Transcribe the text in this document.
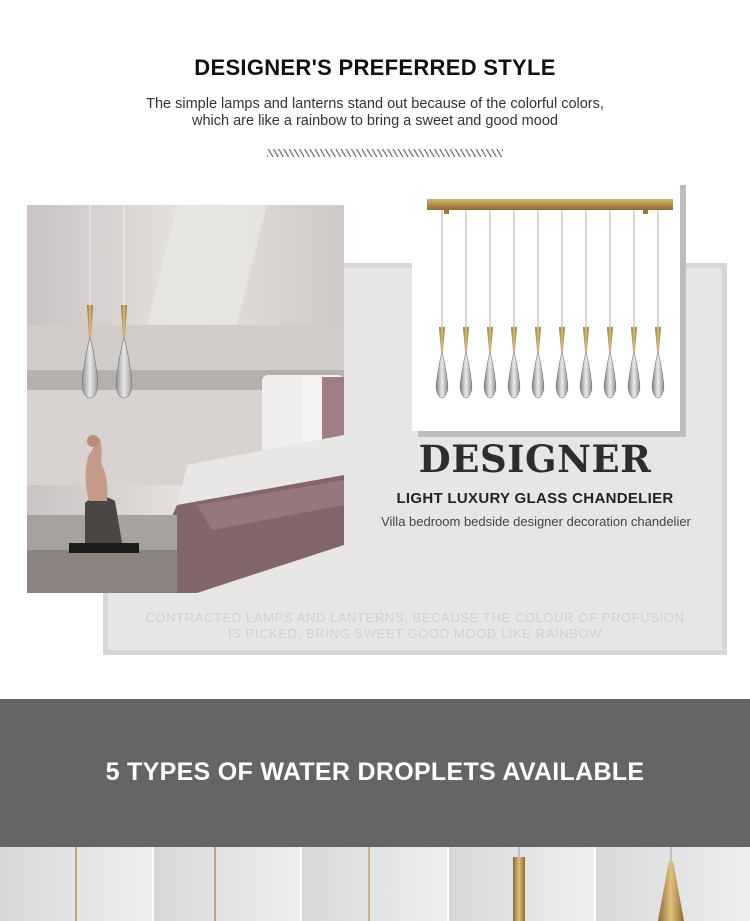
DESIGNER'S PREFERRED STYLE
The simple lamps and lanterns stand out because of the colorful colors,
which are like a rainbow to bring a sweet and good mood
DESIGNER
LIGHT LUXURY GLASS CHANDELIER
Villa bedroom bedside designer decoration chandelier
CONTRACTED LAMPS AND LANTERNS, BECAUSE THE COLOUR OF PROFUSION
IS PICKED, BRING SWEET GOOD MOOD LIKE RAINBOW
5 TYPES OF WATER DROPLETS AVAILABLE
